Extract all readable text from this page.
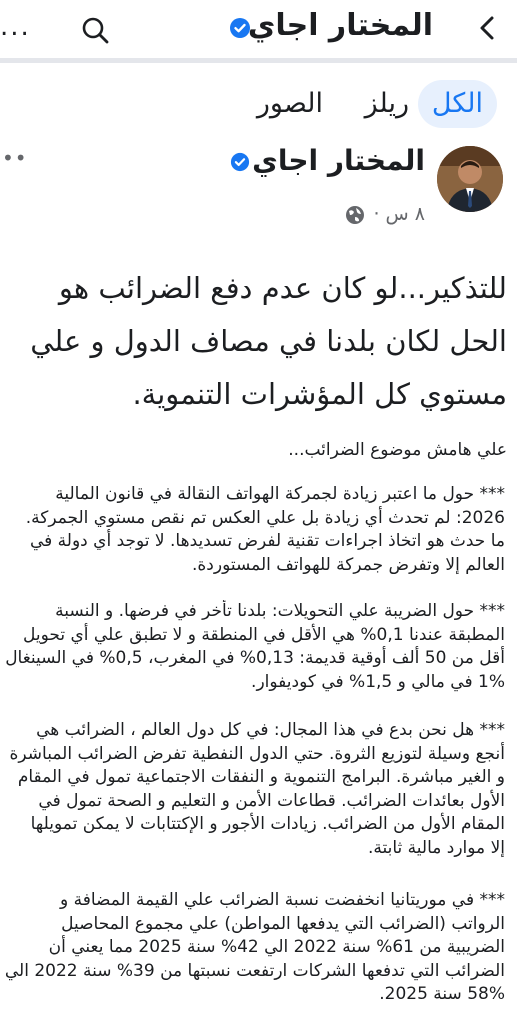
...	المختار اجاي
الكل
ريلز
الصور
••	المختار اجاي
٨ س ·
للتذكير...لو كان عدم دفع الضرائب هو
الحل لكان بلدنا في مصاف الدول و علي
مستوي كل المؤشرات التنموية.
علي هامش موضوع الضرائب...
*** حول ما اعتبر زيادة لجمركة الهواتف النقالة في قانون المالية
2026: لم تحدث أي زيادة بل علي العكس تم نقص مستوي الجمركة.
ما حدث هو اتخاذ اجراءات تقنية لفرض تسديدها. لا توجد أي دولة في
العالم إلا وتفرض جمركة للهواتف المستوردة.
*** حول الضريبة علي التحويلات: بلدنا تأخر في فرضها. و النسبة
المطبقة عندنا 0,1% هي الأقل في المنطقة و لا تطبق علي أي تحويل
أقل من 50 ألف أوقية قديمة: 0,13% في المغرب، 0,5% في السينغال
1% في مالي و 1,5% في كوديفوار.
*** هل نحن بدع في هذا المجال: في كل دول العالم ، الضرائب هي
أنجع وسيلة لتوزيع الثروة. حتي الدول النفطية تفرض الضرائب المباشرة
و الغير مباشرة. البرامج التنموية و النفقات الاجتماعية تمول في المقام
الأول بعائدات الضرائب. قطاعات الأمن و التعليم و الصحة تمول في
المقام الأول من الضرائب. زيادات الأجور و الإكتتابات لا يمكن تمويلها
إلا موارد مالية ثابتة.
*** في موريتانيا انخفضت نسبة الضرائب علي القيمة المضافة و
الرواتب (الضرائب التي يدفعها المواطن) علي مجموع المحاصيل
الضريبية من 61% سنة 2022 الي 42% سنة 2025 مما يعني أن
الضرائب التي تدفعها الشركات ارتفعت نسبتها من 39% سنة 2022 الي
58% سنة 2025.
